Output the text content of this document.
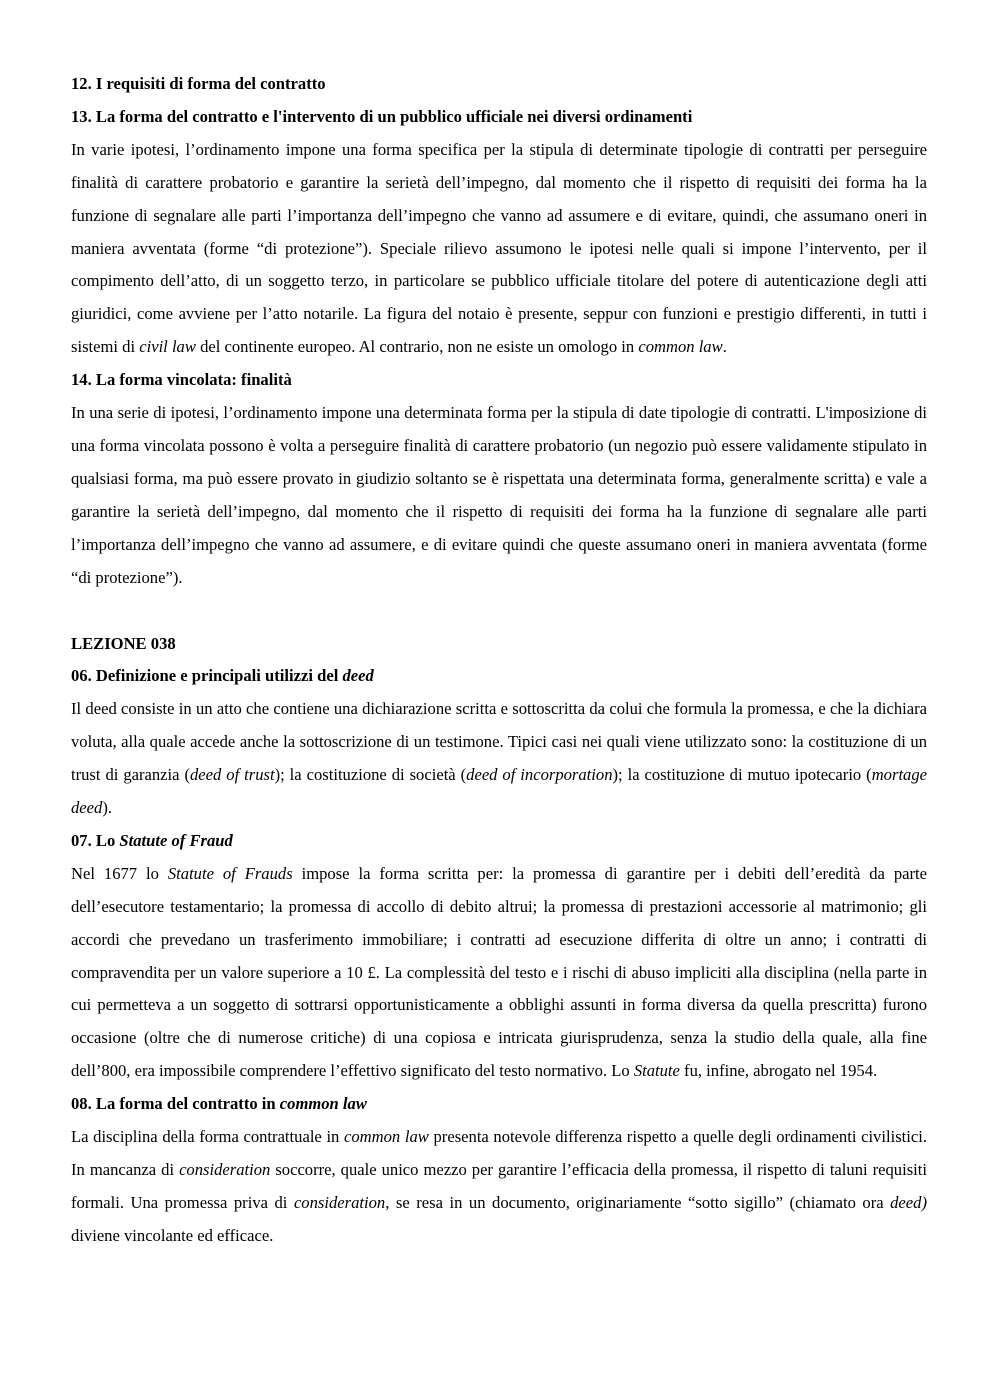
12. I requisiti di forma del contratto
13. La forma del contratto e l'intervento di un pubblico ufficiale nei diversi ordinamenti

In varie ipotesi, l’ordinamento impone una forma specifica per la stipula di determinate tipologie di contratti per perseguire finalità di carattere probatorio e garantire la serietà dell’impegno, dal momento che il rispetto di requisiti dei forma ha la funzione di segnalare alle parti l’importanza dell’impegno che vanno ad assumere e di evitare, quindi, che assumano oneri in maniera avventata (forme “di protezione”). Speciale rilievo assumono le ipotesi nelle quali si impone l’intervento, per il compimento dell’atto, di un soggetto terzo, in particolare se pubblico ufficiale titolare del potere di autenticazione degli atti giuridici, come avviene per l’atto notarile. La figura del notaio è presente, seppur con funzioni e prestigio differenti, in tutti i sistemi di civil law del continente europeo. Al contrario, non ne esiste un omologo in common law.

14. La forma vincolata: finalità

In una serie di ipotesi, l’ordinamento impone una determinata forma per la stipula di date tipologie di contratti. L'imposizione di una forma vincolata possono è volta a perseguire finalità di carattere probatorio (un negozio può essere validamente stipulato in qualsiasi forma, ma può essere provato in giudizio soltanto se è rispettata una determinata forma, generalmente scritta) e vale a garantire la serietà dell’impegno, dal momento che il rispetto di requisiti dei forma ha la funzione di segnalare alle parti l’importanza dell’impegno che vanno ad assumere, e di evitare quindi che queste assumano oneri in maniera avventata (forme “di protezione”).

LEZIONE 038
06. Definizione e principali utilizzi del deed

Il deed consiste in un atto che contiene una dichiarazione scritta e sottoscritta da colui che formula la promessa, e che la dichiara voluta, alla quale accede anche la sottoscrizione di un testimone. Tipici casi nei quali viene utilizzato sono: la costituzione di un trust di garanzia (deed of trust); la costituzione di società (deed of incorporation); la costituzione di mutuo ipotecario (mortage deed).

07. Lo Statute of Fraud

Nel 1677 lo Statute of Frauds impose la forma scritta per: la promessa di garantire per i debiti dell’eredità da parte dell’esecutore testamentario; la promessa di accollo di debito altrui; la promessa di prestazioni accessorie al matrimonio; gli accordi che prevedano un trasferimento immobiliare; i contratti ad esecuzione differita di oltre un anno; i contratti di compravendita per un valore superiore a 10 £. La complessità del testo e i rischi di abuso impliciti alla disciplina (nella parte in cui permetteva a un soggetto di sottrarsi opportunisticamente a obblighi assunti in forma diversa da quella prescritta) furono occasione (oltre che di numerose critiche) di una copiosa e intricata giurisprudenza, senza la studio della quale, alla fine dell’800, era impossibile comprendere l’effettivo significato del testo normativo. Lo Statute fu, infine, abrogato nel 1954.

08. La forma del contratto in common law

La disciplina della forma contrattuale in common law presenta notevole differenza rispetto a quelle degli ordinamenti civilistici. In mancanza di consideration soccorre, quale unico mezzo per garantire l’efficacia della promessa, il rispetto di taluni requisiti formali. Una promessa priva di consideration, se resa in un documento, originariamente “sotto sigillo” (chiamato ora deed) diviene vincolante ed efficace.
